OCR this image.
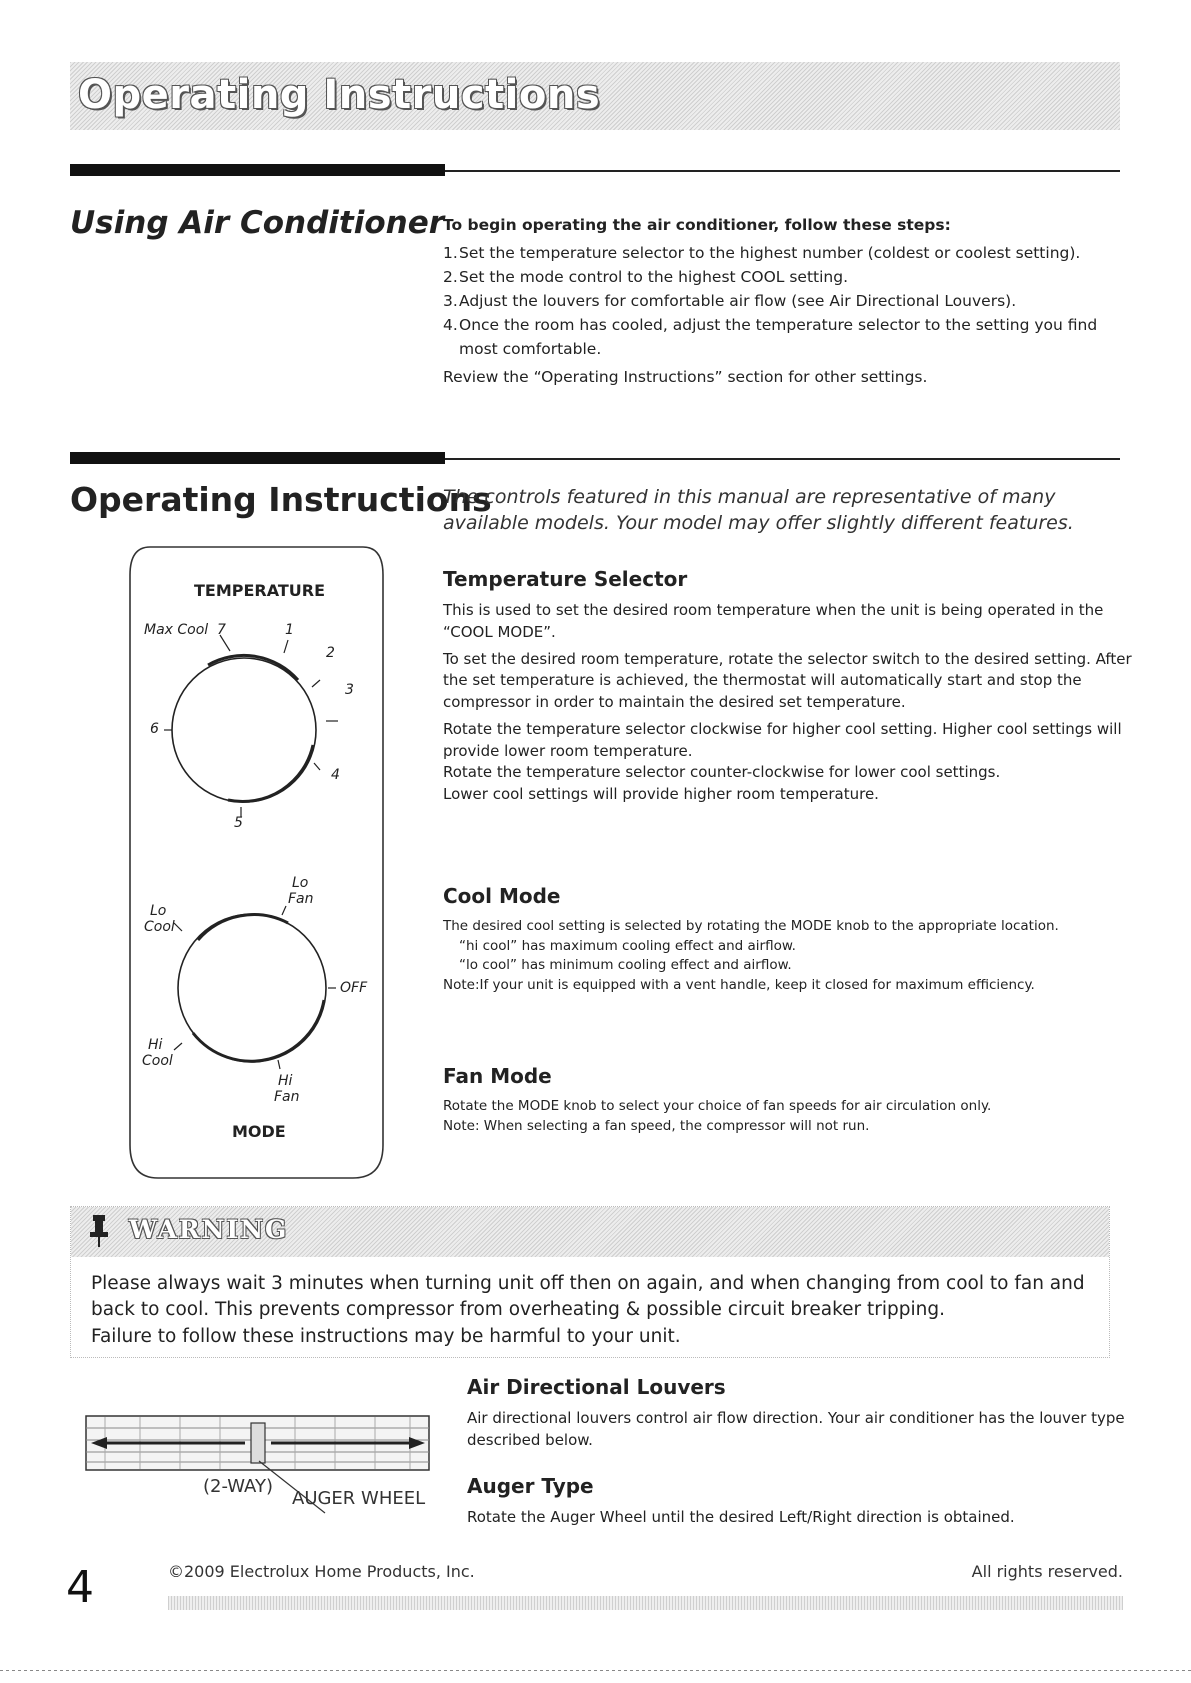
Operating Instructions
Using Air Conditioner
To begin operating the air conditioner, follow these steps:
1. Set the temperature selector to the highest number (coldest or coolest setting).
2. Set the mode control to the highest COOL setting.
3. Adjust the louvers for comfortable air flow (see Air Directional Louvers).
4. Once the room has cooled, adjust the temperature selector to the setting you find most comfortable.
Review the “Operating Instructions” section for other settings.
Operating Instructions
The controls featured in this manual are representative of many available models. Your model may offer slightly different features.
TEMPERATURE
Max Cool 7	1
2
3
4
5
6
Lo
Fan
Lo
Cool
OFF
Hi
Cool
Hi
Fan
MODE
Temperature Selector

This is used to set the desired room temperature when the unit is being operated in the “COOL MODE”.

To set the desired room temperature, rotate the selector switch to the desired setting. After the set temperature is achieved, the thermostat will automatically start and stop the compressor in order to maintain the desired set temperature.

Rotate the temperature selector clockwise for higher cool setting. Higher cool settings will provide lower room temperature.

Rotate the temperature selector counter-clockwise for lower cool settings.

Lower cool settings will provide higher room temperature.

Cool Mode

The desired cool setting is selected by rotating the MODE knob to the appropriate location.

“hi cool” has maximum cooling effect and airflow.

“lo cool” has minimum cooling effect and airflow.

Note:If your unit is equipped with a vent handle, keep it closed for maximum efficiency.

Fan Mode

Rotate the MODE knob to select your choice of fan speeds for air circulation only.

Note: When selecting a fan speed, the compressor will not run.

WARNING
Please always wait 3 minutes when turning unit off then on again, and when changing from cool to fan and back to cool. This prevents compressor from overheating & possible circuit breaker tripping.
Failure to follow these instructions may be harmful to your unit.
(2-WAY)
AUGER WHEEL
Air Directional Louvers

Air directional louvers control air flow direction. Your air conditioner has the louver type described below.

Auger Type

Rotate the Auger Wheel until the desired Left/Right direction is obtained.

4	©2009 Electrolux Home Products, Inc.	All rights reserved.
